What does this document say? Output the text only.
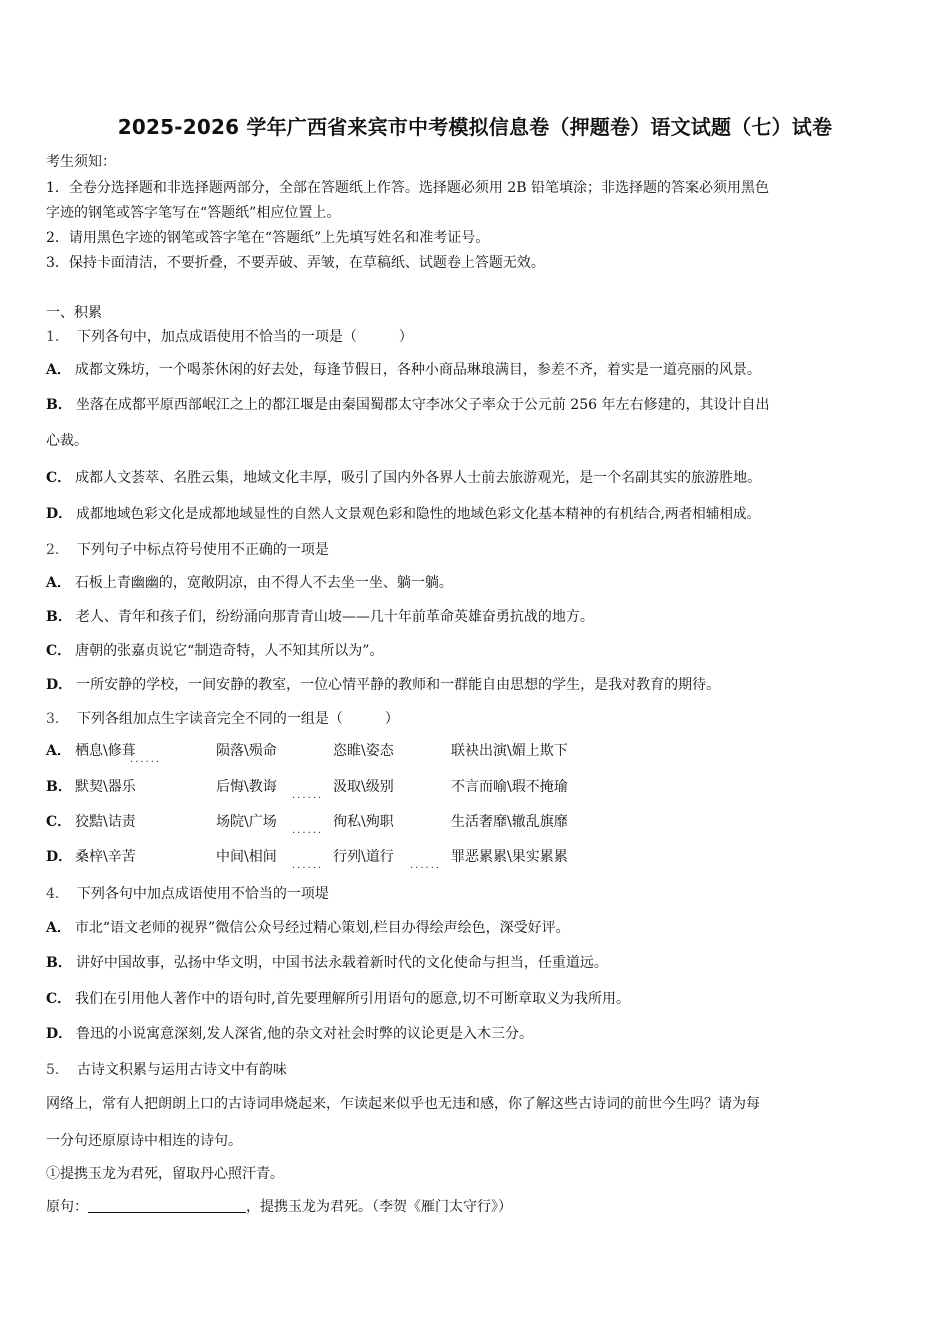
2025-2026 学年广西省来宾市中考模拟信息卷（押题卷）语文试题（七）试卷
考生须知：
1．全卷分选择题和非选择题两部分，全部在答题纸上作答。选择题必须用 2B 铅笔填涂；非选择题的答案必须用黑色
字迹的钢笔或答字笔写在“答题纸”相应位置上。
2．请用黑色字迹的钢笔或答字笔在“答题纸”上先填写姓名和准考证号。
3．保持卡面清洁，不要折叠，不要弄破、弄皱，在草稿纸、试题卷上答题无效。
一、积累
1． 下列各句中，加点成语使用不恰当的一项是（　　　）
A． 成都文殊坊，一个喝茶休闲的好去处，每逢节假日，各种小商品琳琅满目，参差不齐，着实是一道亮丽的风景。
B． 坐落在成都平原西部岷江之上的都江堰是由秦国蜀郡太守李冰父子率众于公元前 256 年左右修建的，其设计自出
心裁。
C． 成都人文荟萃、名胜云集，地域文化丰厚，吸引了国内外各界人士前去旅游观光，是一个名副其实的旅游胜地。
D． 成都地域色彩文化是成都地域显性的自然人文景观色彩和隐性的地域色彩文化基本精神的有机结合,两者相辅相成。
2． 下列句子中标点符号使用不正确的一项是
A． 石板上青幽幽的，宽敞阴凉，由不得人不去坐一坐、躺一躺。
B． 老人、青年和孩子们，纷纷涌向那青青山坡——几十年前革命英雄奋勇抗战的地方。
C． 唐朝的张嘉贞说它“制造奇特，人不知其所以为”。
D． 一所安静的学校，一间安静的教室，一位心情平静的教师和一群能自由思想的学生，是我对教育的期待。
3． 下列各组加点生字读音完全不同的一组是（　　　）
A． 栖息\修葺	陨落\殒命	恣睢\姿态	联袂出演\媚上欺下
......
B． 默契\器乐	后悔\教诲	汲取\级别	不言而喻\瑕不掩瑜
......
C． 狡黠\诘责	场院\广场	徇私\殉职	生活奢靡\辙乱旗靡
......
D． 桑梓\辛苦	中间\相间	行列\道行	罪恶累累\果实累累
......	......
4． 下列各句中加点成语使用不恰当的一项堤
A． 市北“语文老师的视界”微信公众号经过精心策划,栏目办得绘声绘色，深受好评。
B． 讲好中国故事，弘扬中华文明，中国书法永载着新时代的文化使命与担当，任重道远。
C． 我们在引用他人著作中的语句时,首先要理解所引用语句的愿意,切不可断章取义为我所用。
D． 鲁迅的小说寓意深刻,发人深省,他的杂文对社会时弊的议论更是入木三分。
5． 古诗文积累与运用古诗文中有韵味
网络上，常有人把朗朗上口的古诗词串烧起来，乍读起来似乎也无违和感，你了解这些古诗词的前世今生吗？请为每
一分句还原原诗中相连的诗句。
①提携玉龙为君死，留取丹心照汗青。
原句：	，提携玉龙为君死。（李贺《雁门太守行》）
